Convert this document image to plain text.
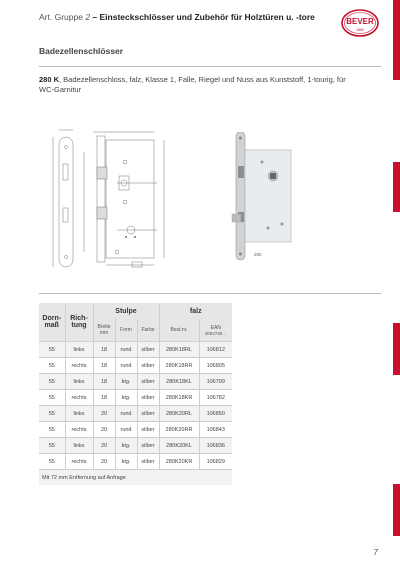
Art. Gruppe 2 – Einsteckschlösser und Zubehör für Holztüren u. -tore	BEVER
1889
Badezellenschlösser
280 K, Badezellenschloss, falz, Klasse 1, Falle, Riegel und Nuss aus Kunststoff, 1-tourig, für WC-Garnitur
280
Dorn-
maß	Rich-
tung	Stulpe			falz	
		Breite mm	Form	Farbe	Best.nr.	EAN
4002730…

55	links	18	rund	silber	280K18RL	106812
55	rechts	18	rund	silber	280K18RR	106805
55	links	18	ktg.	silber	280K18KL	106799
55	rechts	18	ktg.	silber	280K18KR	106782
55	links	20	rund	silber	280K20RL	106850
55	rechts	20	rund	silber	280K20RR	106843
55	links	20	ktg.	silber	280K20KL	106836
55	rechts	20	ktg.	silber	280K20KR	106829
Mit 72 mm Entfernung auf Anfrage						
7
